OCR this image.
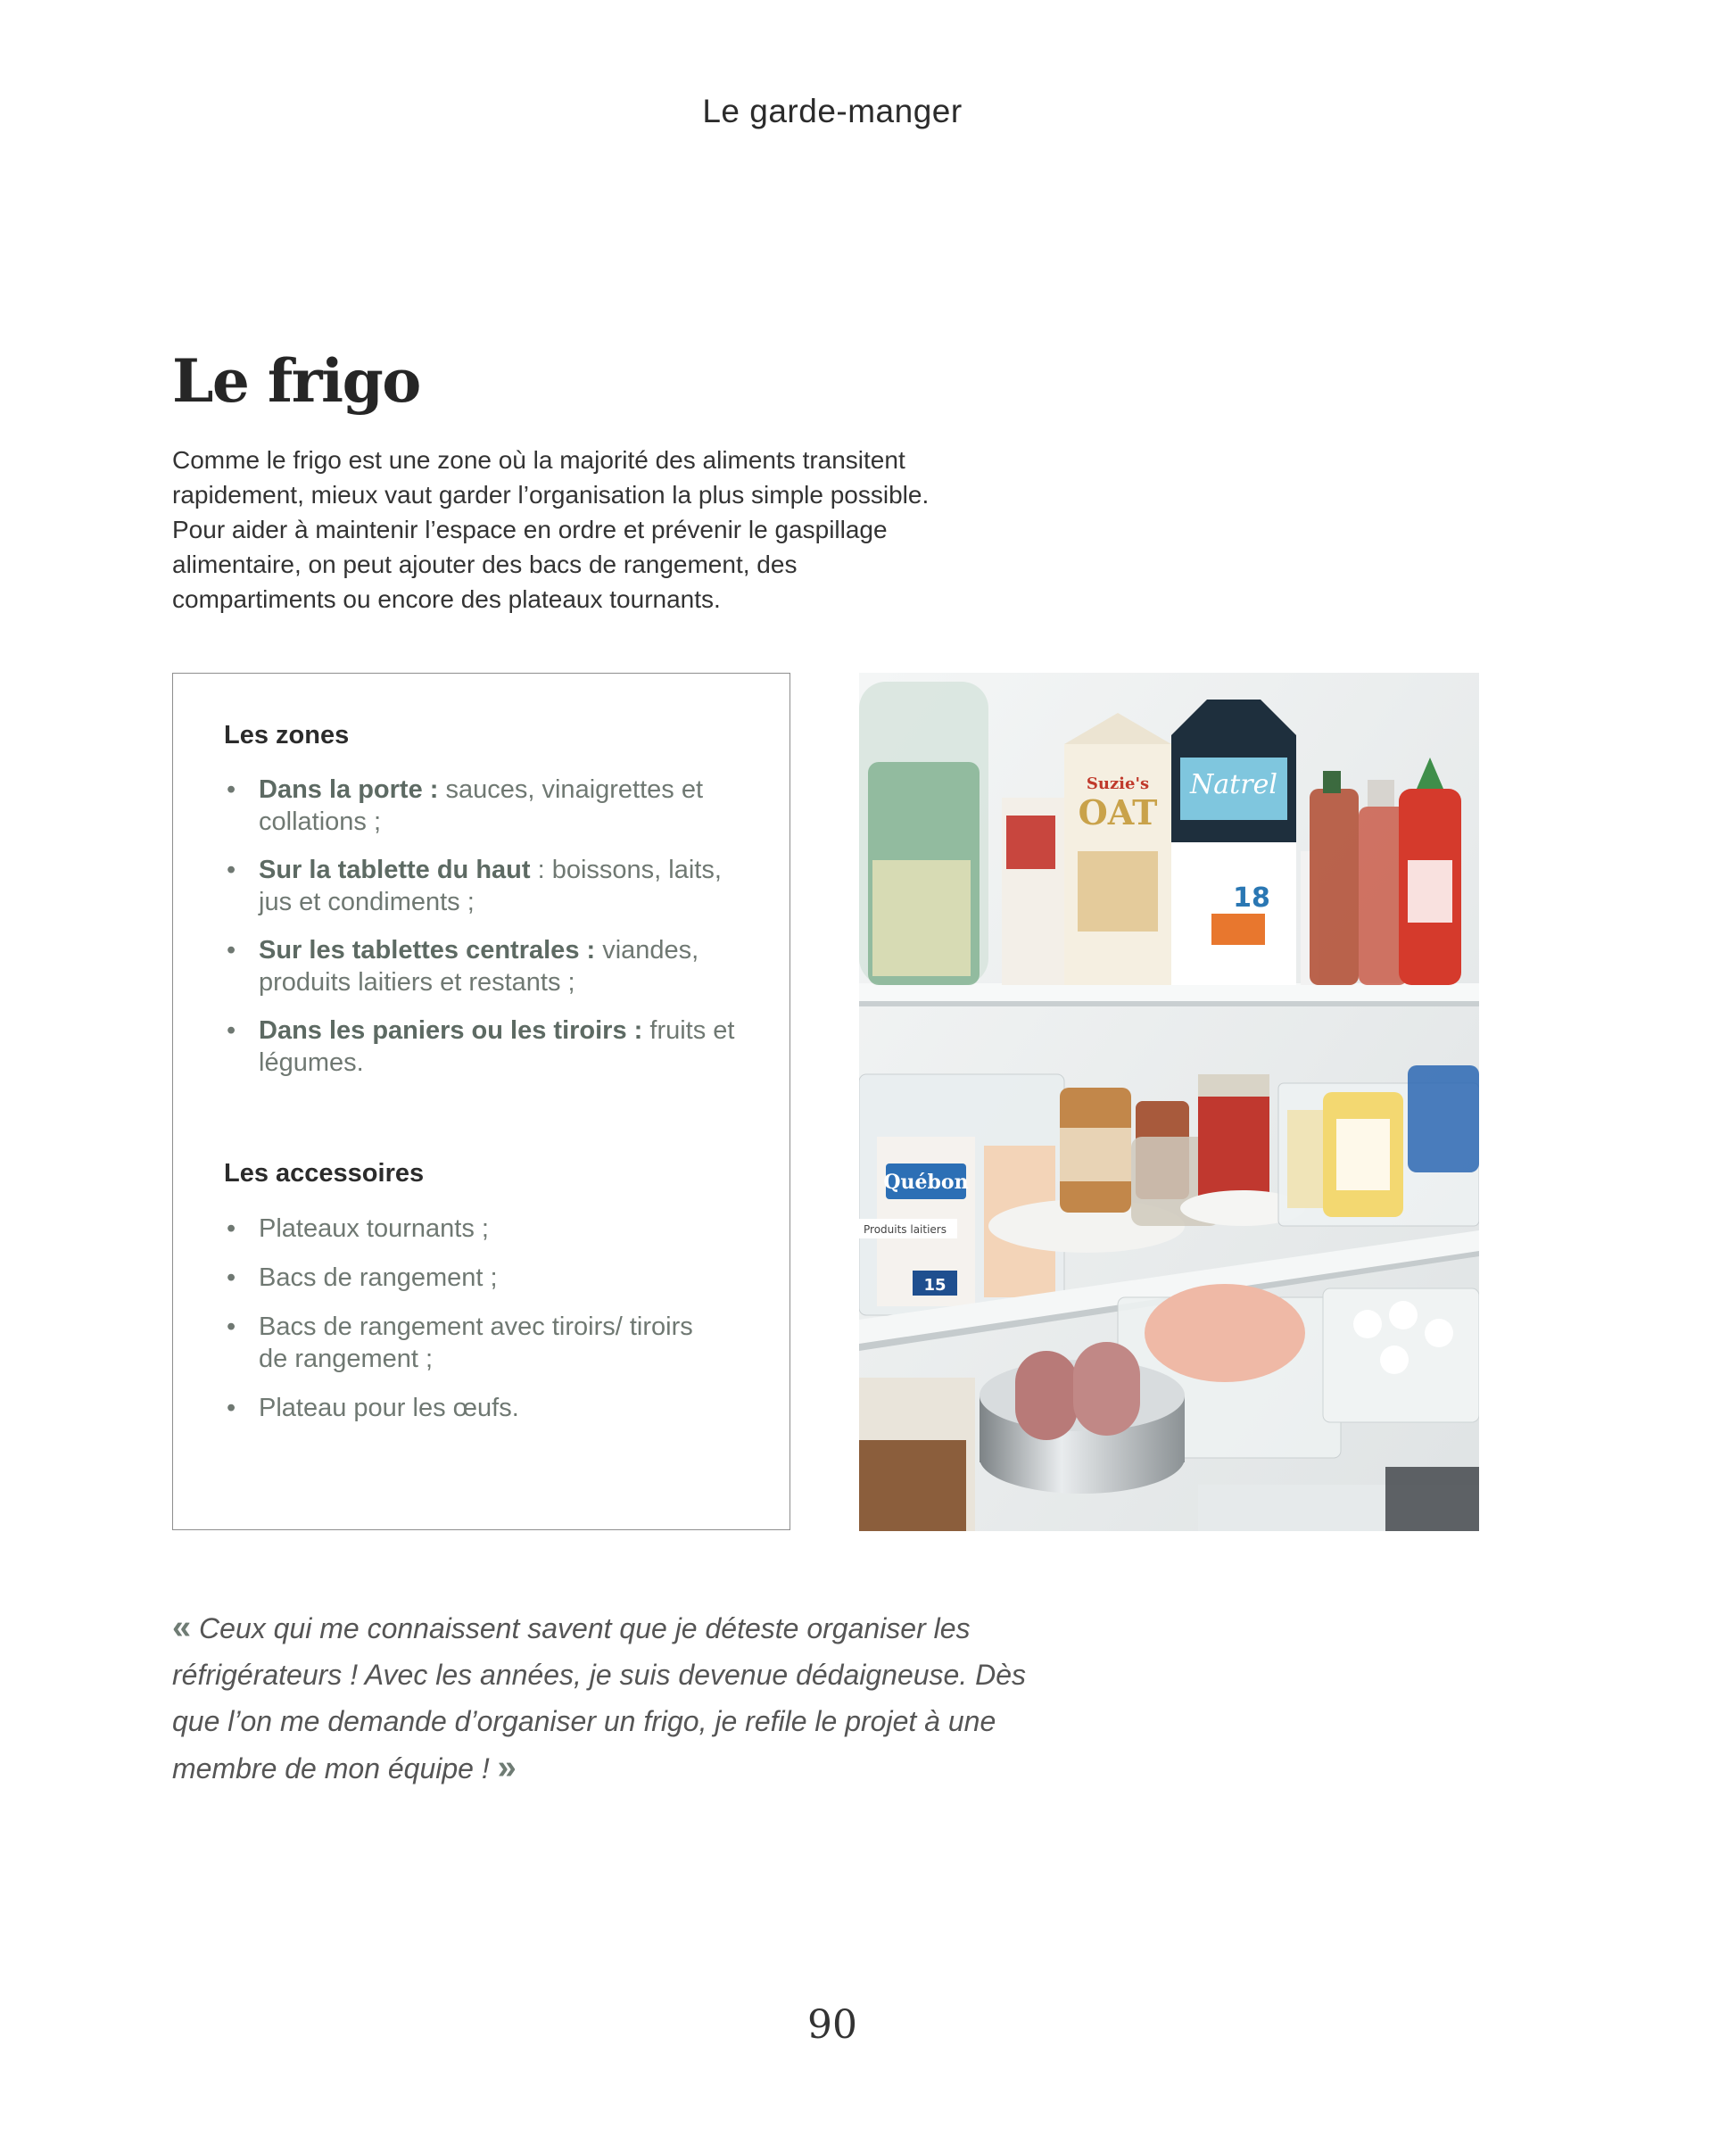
Le garde-manger
Le frigo

Comme le frigo est une zone où la majorité des aliments transitent rapidement, mieux vaut garder l’organisation la plus simple possible. Pour aider à maintenir l’espace en ordre et prévenir le gaspillage alimentaire, on peut ajouter des bacs de rangement, des compartiments ou encore des plateaux tournants.

Les zones
• Dans la porte : sauces, vinaigrettes et collations ;
• Sur la tablette du haut : boissons, laits, jus et condiments ;
• Sur les tablettes centrales : viandes, produits laitiers et restants ;
• Dans les paniers ou les tiroirs : fruits et légumes.
Les accessoires
• Plateaux tournants ;
• Bacs de rangement ;
• Bacs de rangement avec tiroirs/ tiroirs de rangement ;
• Plateau pour les œufs.
Suzie's
OAT
Natrel
18
Québon
Produits laitiers
15

« Ceux qui me connaissent savent que je déteste organiser les réfrigérateurs ! Avec les années, je suis devenue dédaigneuse. Dès que l’on me demande d’organiser un frigo, je refile le projet à une membre de mon équipe ! »

90
